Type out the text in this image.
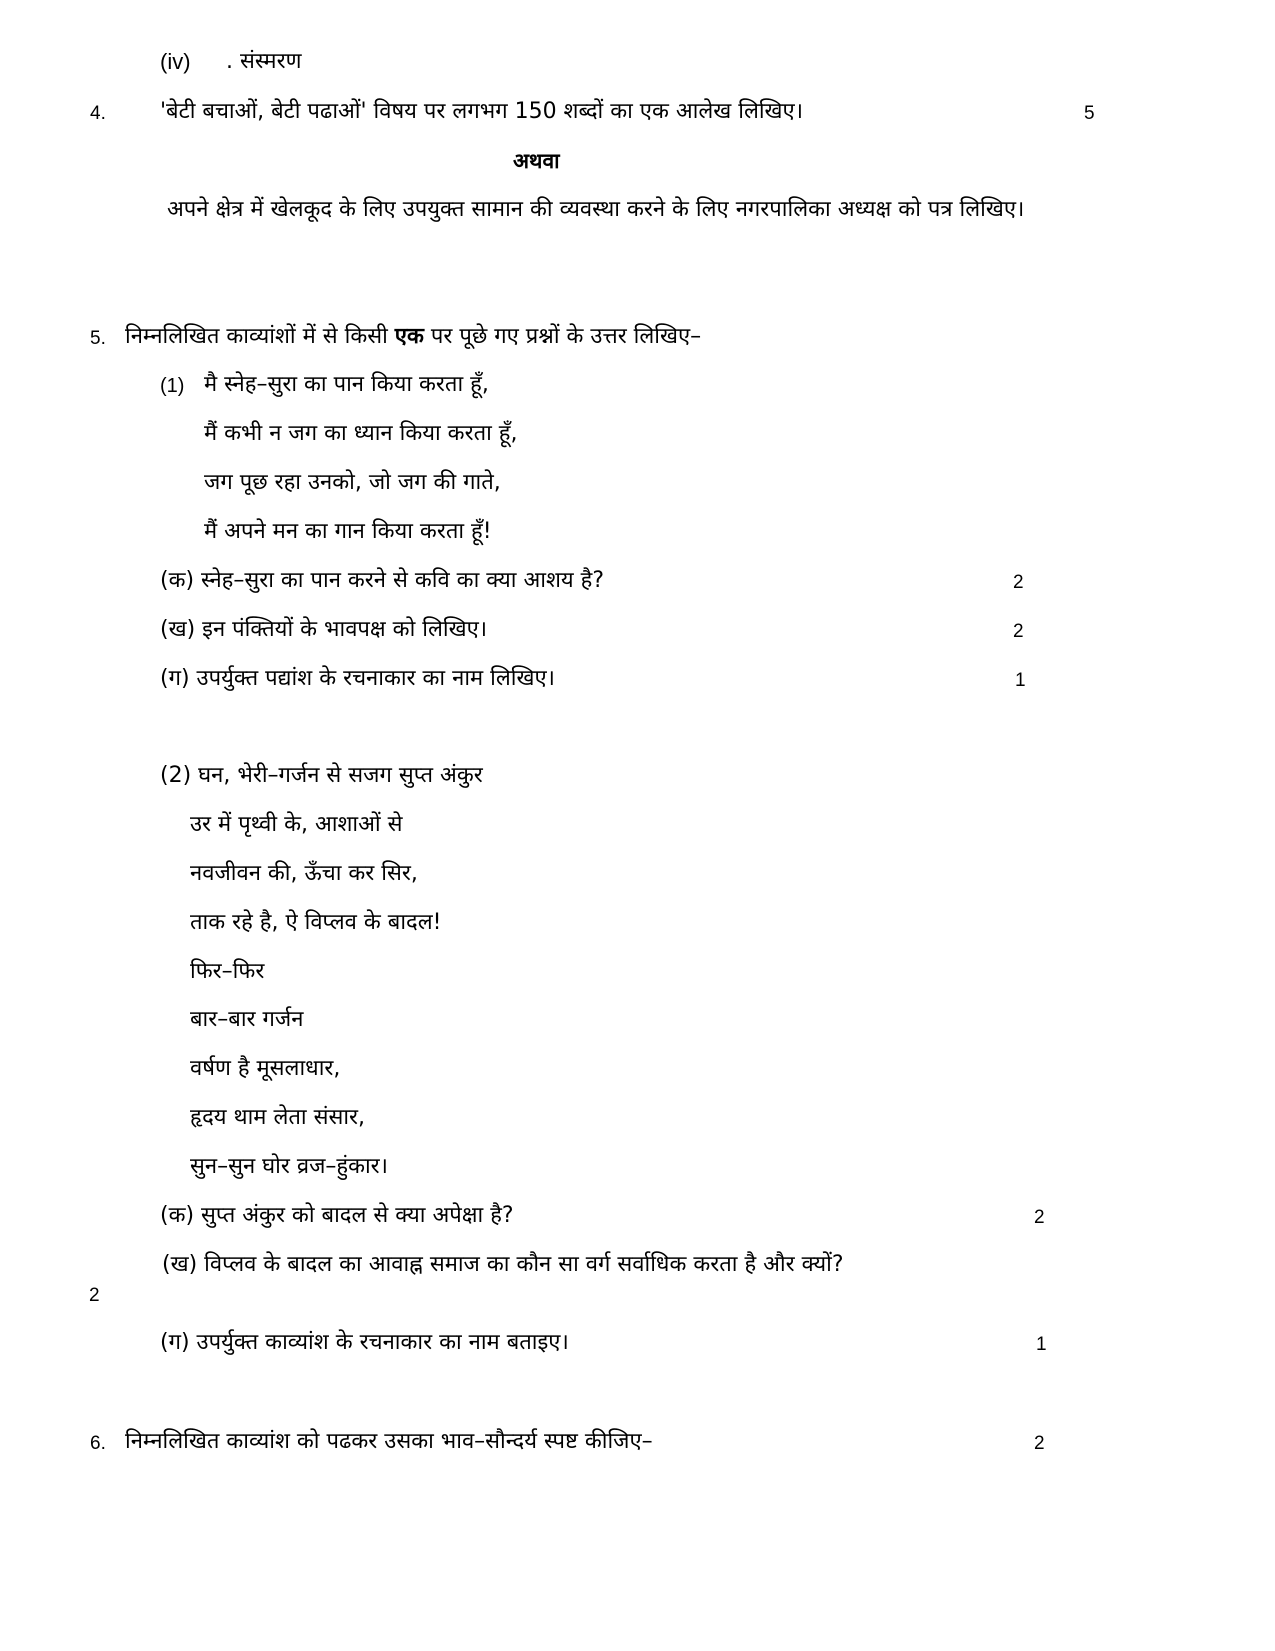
(iv) . संस्मरण
4. 'बेटी बचाओं, बेटी पढाओं' विषय पर लगभग 150 शब्दों का एक आलेख लिखिए।	5
अथवा
अपने क्षेत्र में खेलकूद के लिए उपयुक्त सामान की व्यवस्था करने के लिए नगरपालिका अध्यक्ष को पत्र लिखिए।
5. निम्नलिखित काव्यांशों में से किसी एक पर पूछे गए प्रश्नों के उत्तर लिखिए–
(1) मै स्नेह–सुरा का पान किया करता हूँ,
मैं कभी न जग का ध्यान किया करता हूँ,
जग पूछ रहा उनको, जो जग की गाते,
मैं अपने मन का गान किया करता हूँ!
(क) स्नेह–सुरा का पान करने से कवि का क्या आशय है?	2
(ख) इन पंक्तियों के भावपक्ष को लिखिए।	2
(ग) उपर्युक्त पद्यांश के रचनाकार का नाम लिखिए।	1
(2) घन, भेरी–गर्जन से सजग सुप्त अंकुर
उर में पृथ्वी के, आशाओं से
नवजीवन की, ऊँचा कर सिर,
ताक रहे है, ऐ विप्लव के बादल!
फिर–फिर
बार–बार गर्जन
वर्षण है मूसलाधार,
हृदय थाम लेता संसार,
सुन–सुन घोर व्रज–हुंकार।
(क) सुप्त अंकुर को बादल से क्या अपेक्षा है?	2
(ख) विप्लव के बादल का आवाह्न समाज का कौन सा वर्ग सर्वाधिक करता है और क्यों?
2
(ग) उपर्युक्त काव्यांश के रचनाकार का नाम बताइए।	1
6. निम्नलिखित काव्यांश को पढकर उसका भाव–सौन्दर्य स्पष्ट कीजिए–	2
